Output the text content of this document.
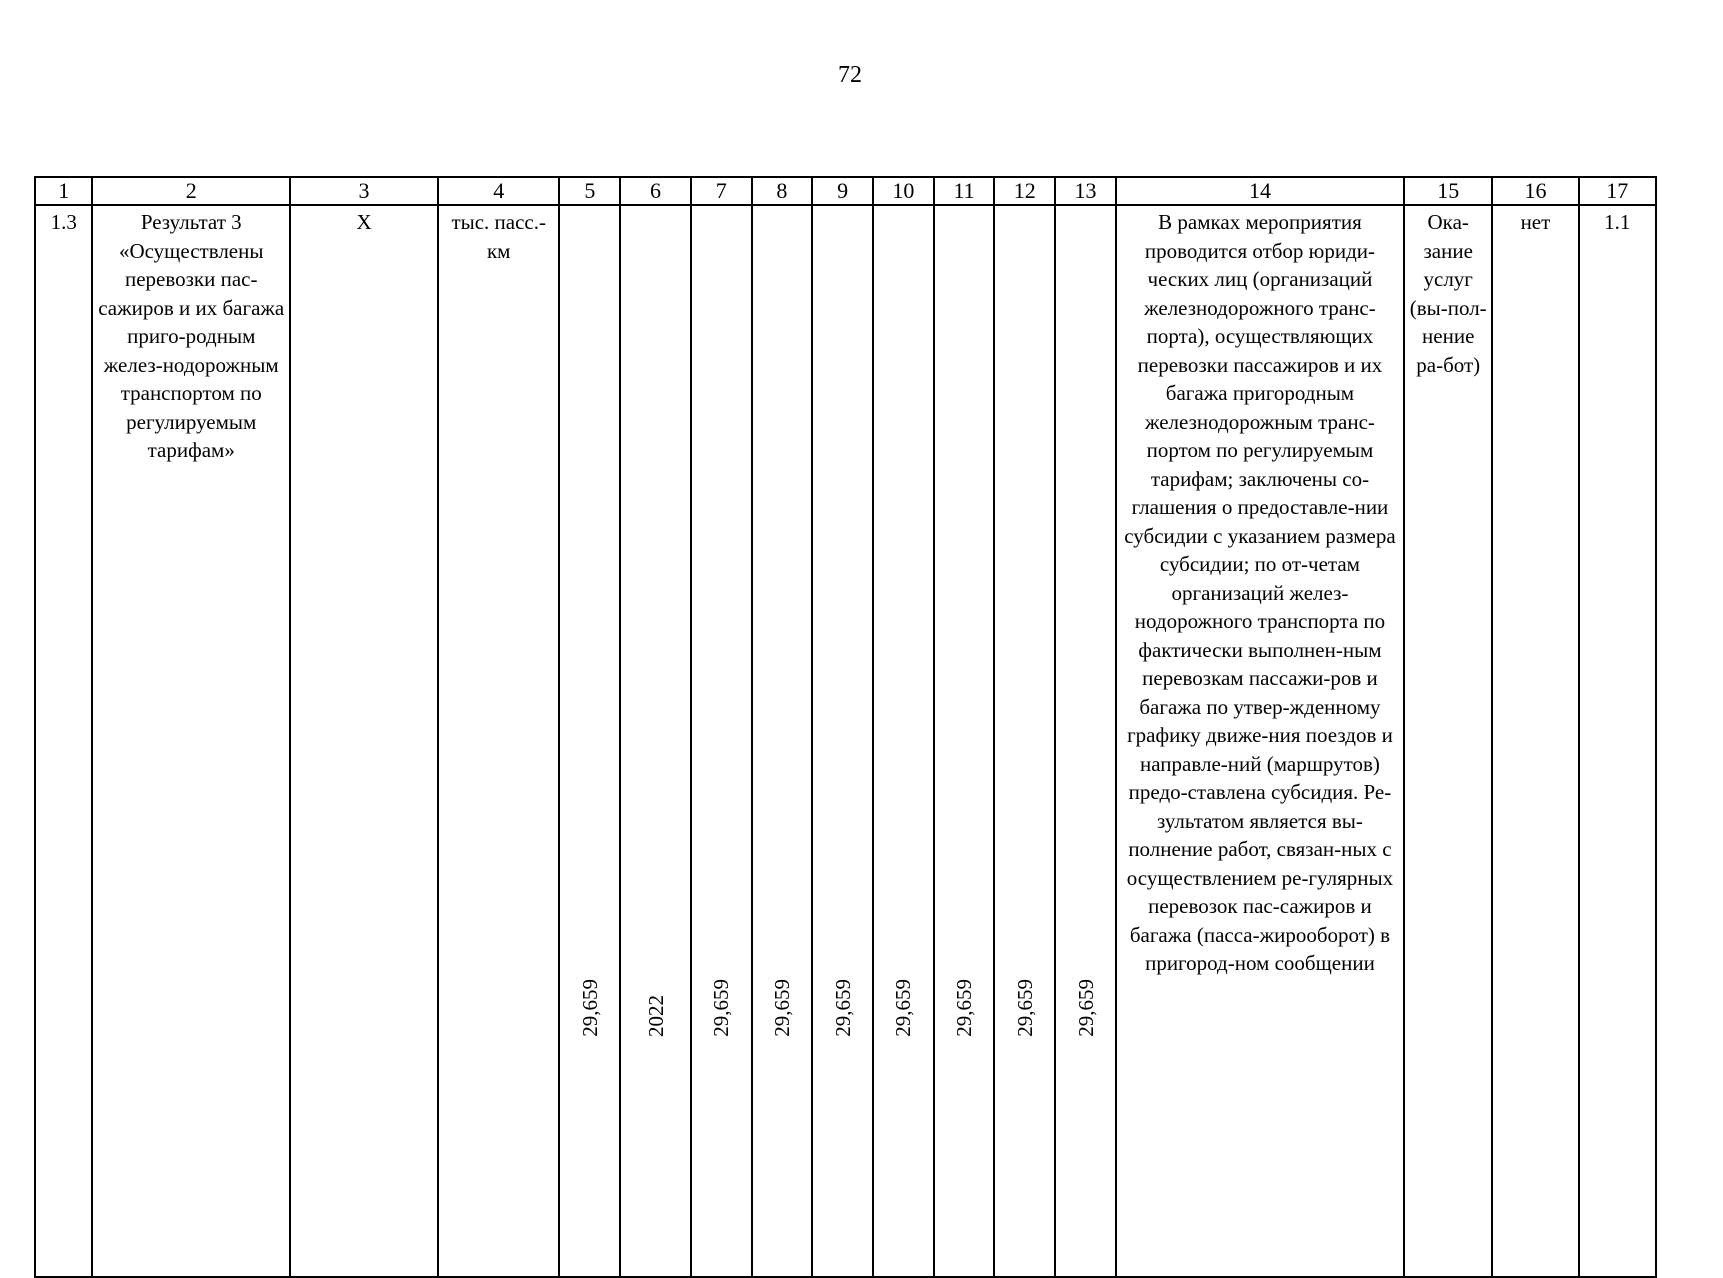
72
1	2	3	4	5	6	7	8	9	10	11	12	13	14	15	16	17
1.3	Результат 3 «Осуществлены перевозки пас-сажиров и их багажа приго-родным желез-нодорожным транспортом по регулируемым тарифам»	X	тыс. пасс.-км	29,659	2022	29,659	29,659	29,659	29,659	29,659	29,659	29,659	В рамках мероприятия проводится отбор юриди-ческих лиц (организаций железнодорожного транс-порта), осуществляющих перевозки пассажиров и их багажа пригородным железнодорожным транс-портом по регулируемым тарифам; заключены со-глашения о предоставле-нии субсидии с указанием размера субсидии; по от-четам организаций желез-нодорожного транспорта по фактически выполнен-ным перевозкам пассажи-ров и багажа по утвер-жденному графику движе-ния поездов и направле-ний (маршрутов) предо-ставлена субсидия. Ре-зультатом является вы-полнение работ, связан-ных с осуществлением ре-гулярных перевозок пас-сажиров и багажа (пасса-жирооборот) в пригород-ном сообщении	Ока-зание услуг (вы-пол-нение ра-бот)	нет	1.1
